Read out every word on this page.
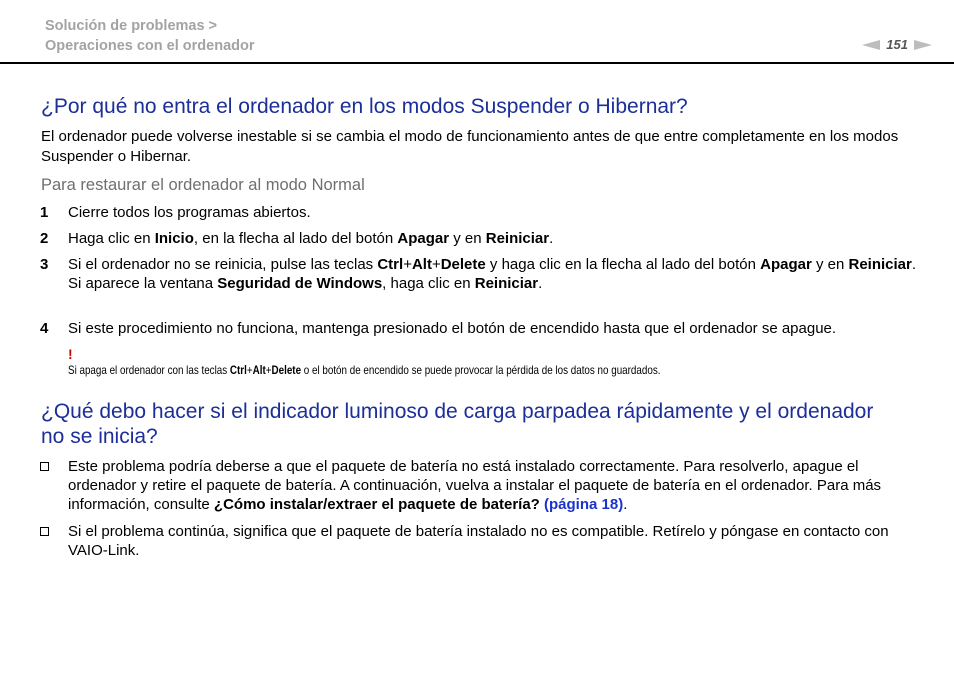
Solución de problemas >
Operaciones con el ordenador	151
¿Por qué no entra el ordenador en los modos Suspender o Hibernar?
El ordenador puede volverse inestable si se cambia el modo de funcionamiento antes de que entre completamente en los modos Suspender o Hibernar.
Para restaurar el ordenador al modo Normal
1	Cierre todos los programas abiertos.
2	Haga clic en Inicio, en la flecha al lado del botón Apagar y en Reiniciar.
3	Si el ordenador no se reinicia, pulse las teclas Ctrl+Alt+Delete y haga clic en la flecha al lado del botón Apagar y en Reiniciar.
Si aparece la ventana Seguridad de Windows, haga clic en Reiniciar.
4	Si este procedimiento no funciona, mantenga presionado el botón de encendido hasta que el ordenador se apague.
!
Si apaga el ordenador con las teclas Ctrl+Alt+Delete o el botón de encendido se puede provocar la pérdida de los datos no guardados.
¿Qué debo hacer si el indicador luminoso de carga parpadea rápidamente y el ordenador
no se inicia?
Este problema podría deberse a que el paquete de batería no está instalado correctamente. Para resolverlo, apague el ordenador y retire el paquete de batería. A continuación, vuelva a instalar el paquete de batería en el ordenador. Para más información, consulte ¿Cómo instalar/extraer el paquete de batería? (página 18).
Si el problema continúa, significa que el paquete de batería instalado no es compatible. Retírelo y póngase en contacto con VAIO-Link.
